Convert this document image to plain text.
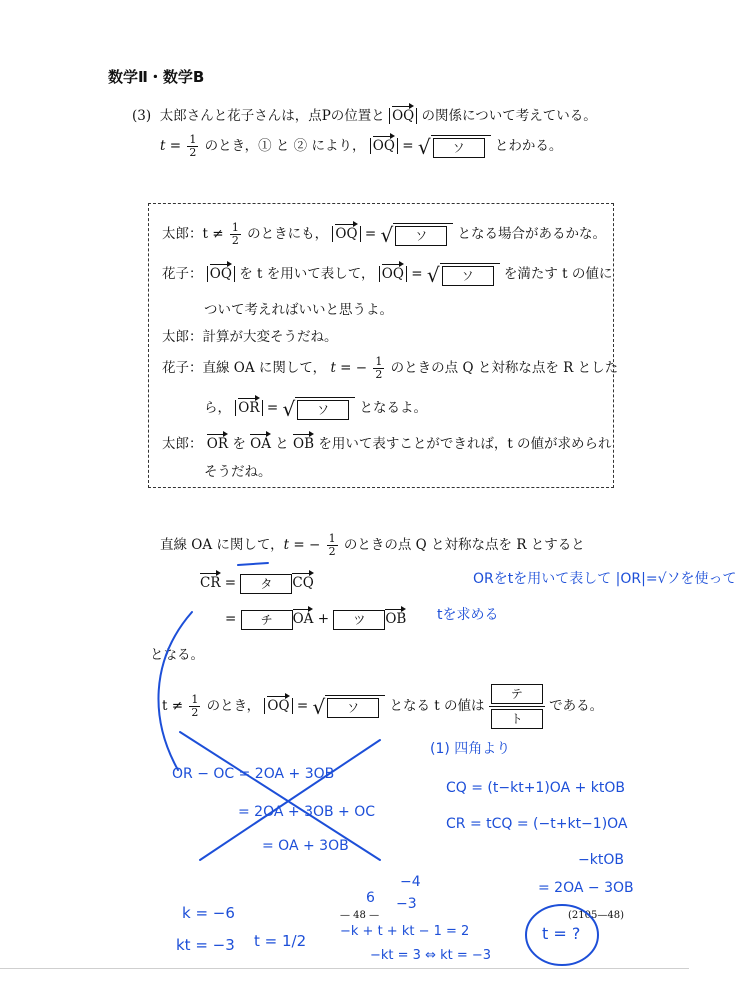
数学Ⅱ・数学B
(3) 太郎さんと花子さんは，点Pの位置と OQ の関係について考えている。
$t = \frac{1}{2}$ のとき，① と ② により， OQ = √	ソ	とわかる。
太郎：$t \ne \frac{1}{2}$ のときにも， OQ = √	ソ	となる場合があるかな。
花子： OQ を t を用いて表して， OQ = √	ソ	を満たす t の値に
ついて考えればいいと思うよ。
太郎：計算が大変そうだね。
花子：直線 OA に関して， t = − $\frac{1}{2}$ のときの点 Q と対称な点を R とした
ら， OR = √	ソ	となるよ。
太郎： OR を OA と OB を用いて表すことができれば，t の値が求められ
そうだね。
直線 OA に関して，t = − $\frac{1}{2}$ のときの点 Q と対称な点を R とすると
CR = タ CQ
= チ OA + ツ OB
となる。
$t \ne \frac{1}{2}$ のとき， OQ = √	ソ	となる t の値は
テ
ト
である。
— 48 —	(2105—48)
ORをtを用いて表して |OR|=√ソを使って
tを求める
(1) 四角より
CQ = (t−kt+1)OA + ktOB
CR = tCQ = (−t+kt−1)OA
−ktOB
= 2OA − 3OB
OR − OC = 2OA + 3OB
= 2OA + 3OB + OC
= OA + 3OB
k = −6
kt = −3 t = 1/2
−4
6 −3
−k + t + kt − 1 = 2
−kt = 3 ⇔ kt = −3
t = ?
